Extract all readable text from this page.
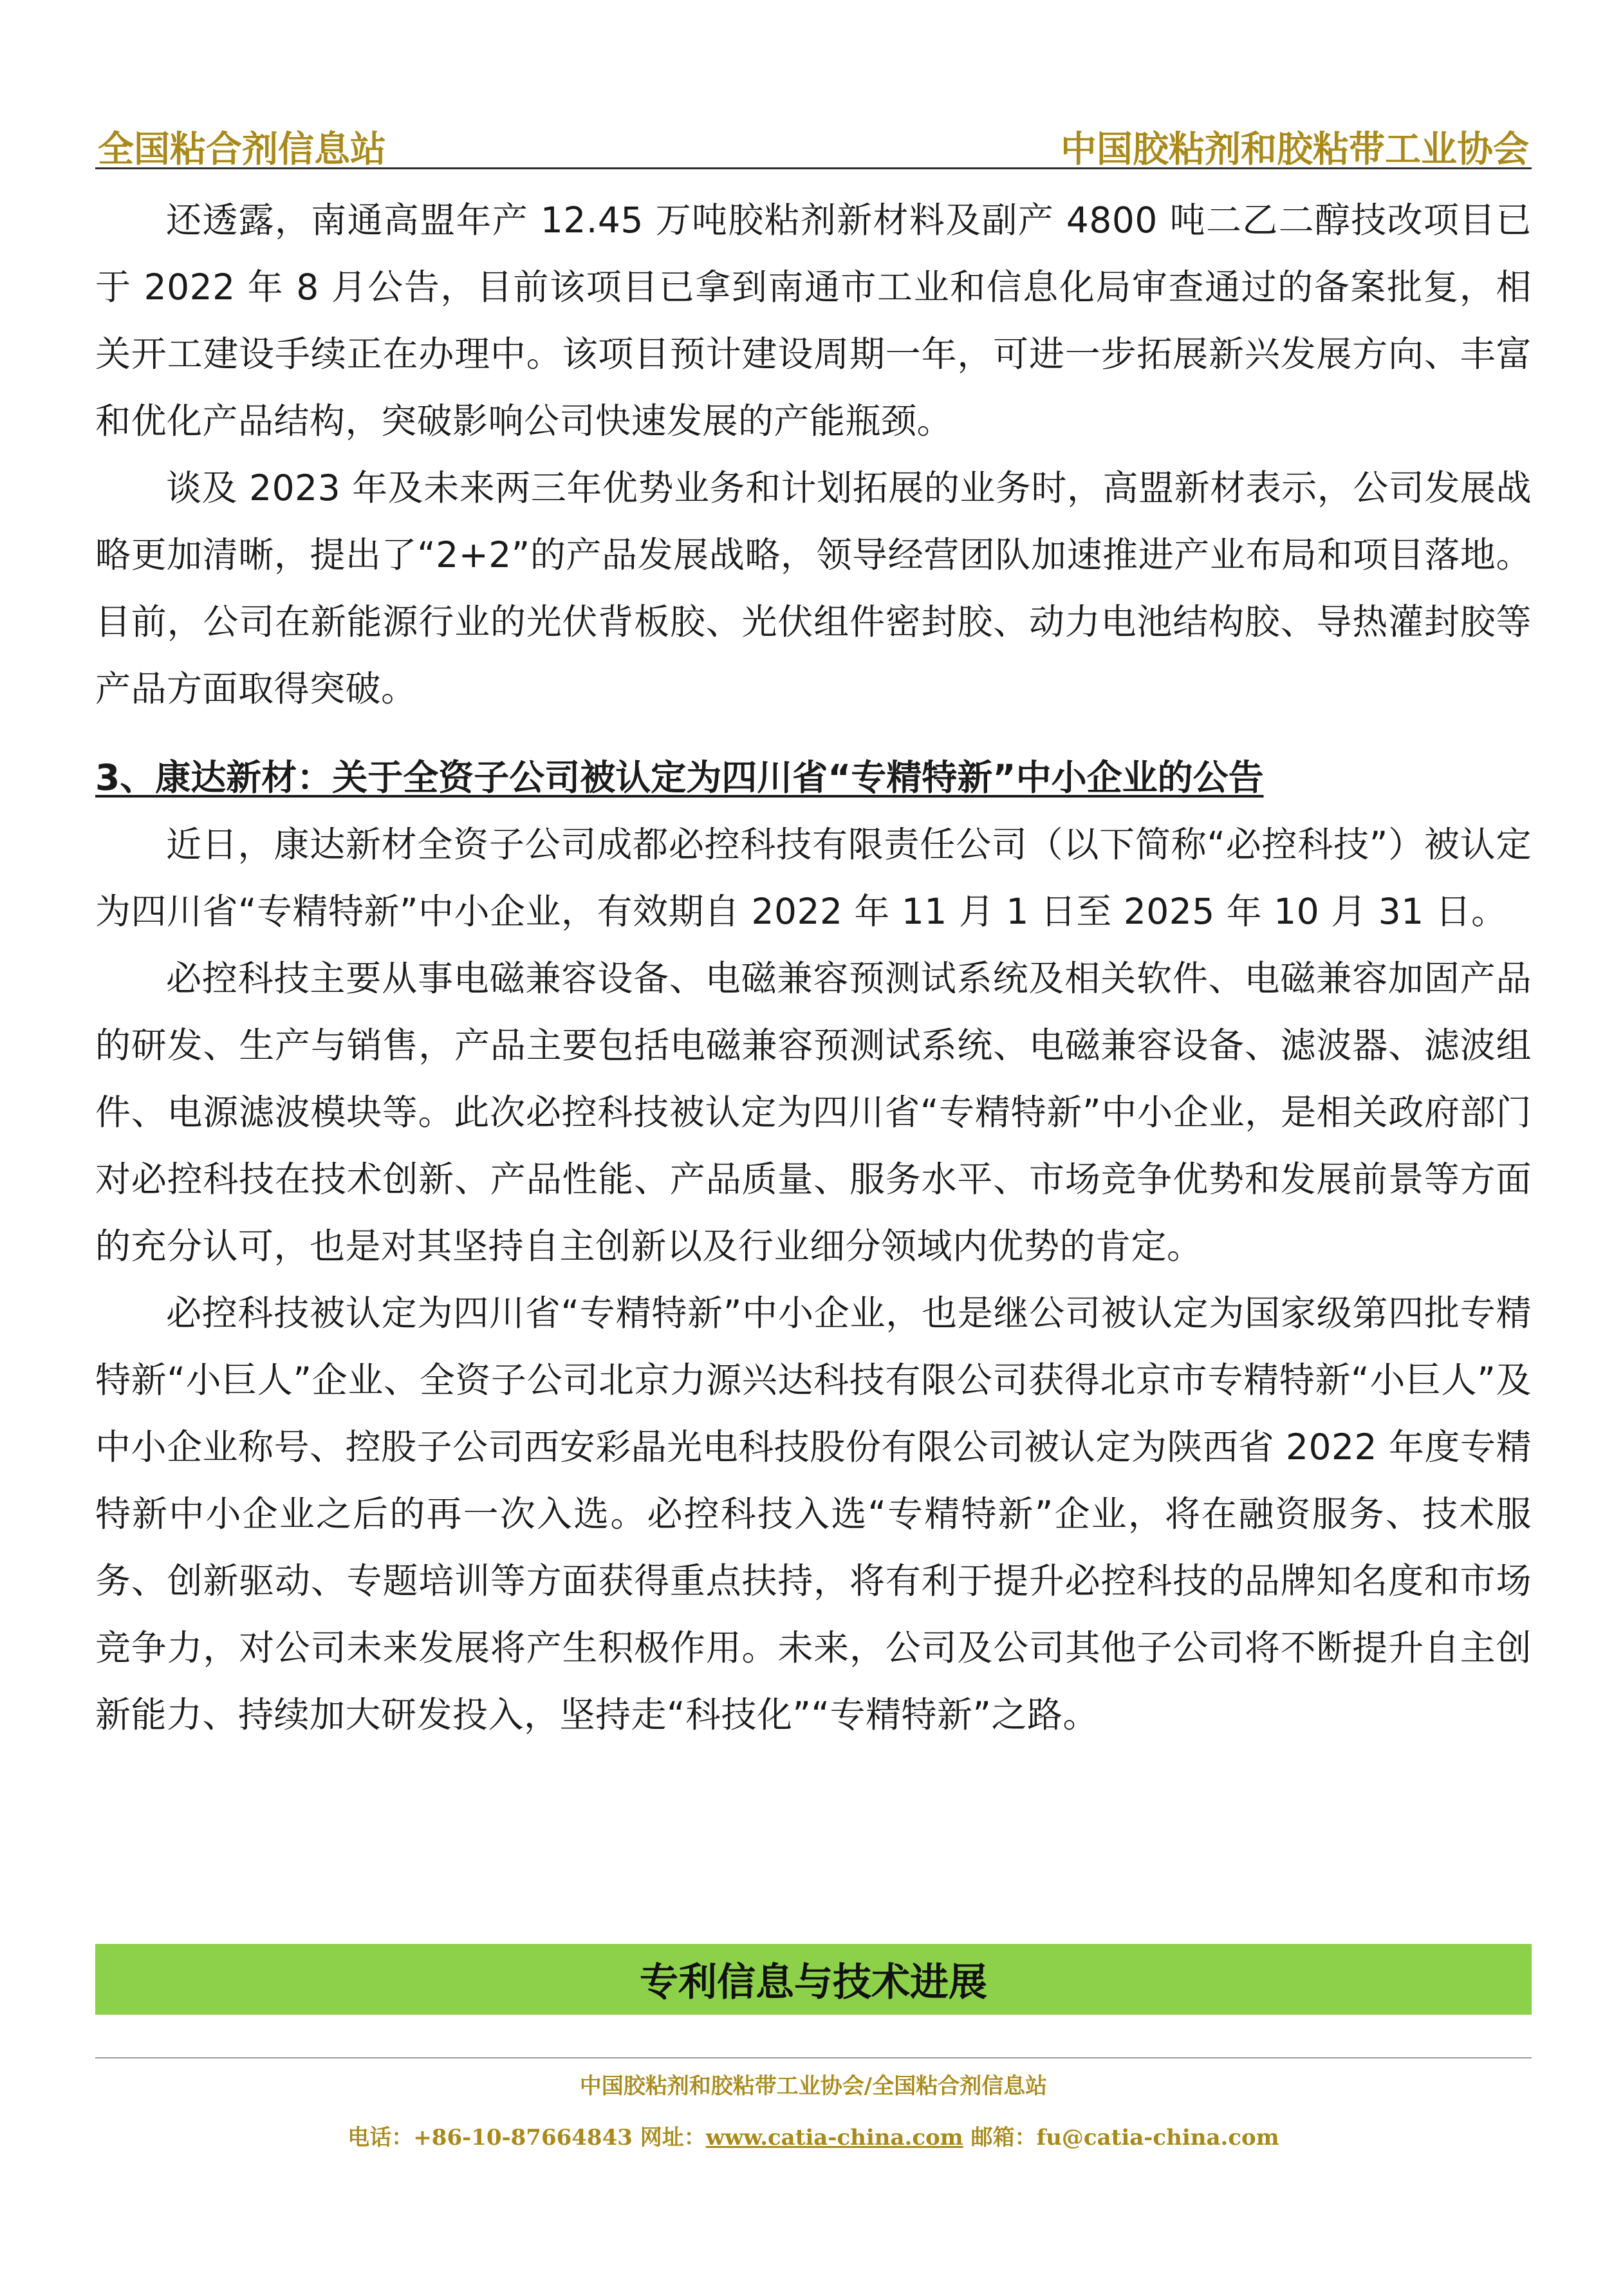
全国粘合剂信息站	中国胶粘剂和胶粘带工业协会

还透露，南通高盟年产 12.45 万吨胶粘剂新材料及副产 4800 吨二乙二醇技改项目已于 2022 年 8 月公告，目前该项目已拿到南通市工业和信息化局审查通过的备案批复，相关开工建设手续正在办理中。该项目预计建设周期一年，可进一步拓展新兴发展方向、丰富和优化产品结构，突破影响公司快速发展的产能瓶颈。

谈及 2023 年及未来两三年优势业务和计划拓展的业务时，高盟新材表示，公司发展战略更加清晰，提出了“2+2”的产品发展战略，领导经营团队加速推进产业布局和项目落地。目前，公司在新能源行业的光伏背板胶、光伏组件密封胶、动力电池结构胶、导热灌封胶等产品方面取得突破。

3、康达新材：关于全资子公司被认定为四川省“专精特新”中小企业的公告

近日，康达新材全资子公司成都必控科技有限责任公司（以下简称“必控科技”）被认定为四川省“专精特新”中小企业，有效期自 2022 年 11 月 1 日至 2025 年 10 月 31 日。

必控科技主要从事电磁兼容设备、电磁兼容预测试系统及相关软件、电磁兼容加固产品的研发、生产与销售，产品主要包括电磁兼容预测试系统、电磁兼容设备、滤波器、滤波组件、电源滤波模块等。此次必控科技被认定为四川省“专精特新”中小企业，是相关政府部门对必控科技在技术创新、产品性能、产品质量、服务水平、市场竞争优势和发展前景等方面的充分认可，也是对其坚持自主创新以及行业细分领域内优势的肯定。

必控科技被认定为四川省“专精特新”中小企业，也是继公司被认定为国家级第四批专精特新“小巨人”企业、全资子公司北京力源兴达科技有限公司获得北京市专精特新“小巨人”及中小企业称号、控股子公司西安彩晶光电科技股份有限公司被认定为陕西省 2022 年度专精特新中小企业之后的再一次入选。必控科技入选“专精特新”企业，将在融资服务、技术服务、创新驱动、专题培训等方面获得重点扶持，将有利于提升必控科技的品牌知名度和市场竞争力，对公司未来发展将产生积极作用。未来，公司及公司其他子公司将不断提升自主创新能力、持续加大研发投入，坚持走“科技化”“专精特新”之路。

专利信息与技术进展
中国胶粘剂和胶粘带工业协会/全国粘合剂信息站
电话：+86-10-87664843 网址：www.catia-china.com 邮箱：fu@catia-china.com
